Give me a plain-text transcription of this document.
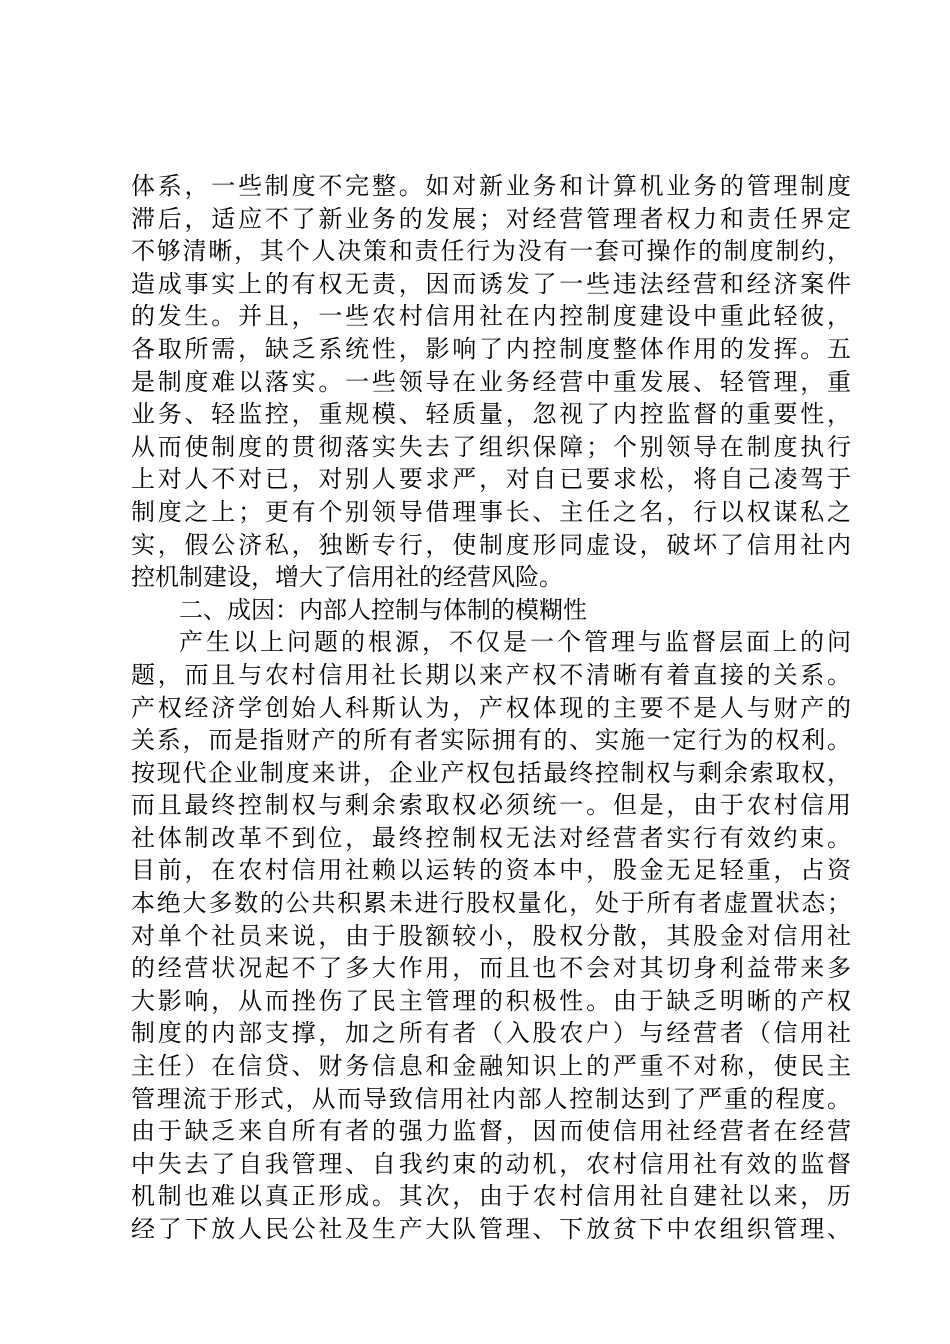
体系，一些制度不完整。如对新业务和计算机业务的管理制度
滞后，适应不了新业务的发展；对经营管理者权力和责任界定
不够清晰，其个人决策和责任行为没有一套可操作的制度制约，
造成事实上的有权无责，因而诱发了一些违法经营和经济案件
的发生。并且，一些农村信用社在内控制度建设中重此轻彼，
各取所需，缺乏系统性，影响了内控制度整体作用的发挥。五
是制度难以落实。一些领导在业务经营中重发展、轻管理，重
业务、轻监控，重规模、轻质量，忽视了内控监督的重要性，
从而使制度的贯彻落实失去了组织保障；个别领导在制度执行
上对人不对已，对别人要求严，对自已要求松，将自己凌驾于
制度之上；更有个别领导借理事长、主任之名，行以权谋私之
实，假公济私，独断专行，使制度形同虚设，破坏了信用社内
控机制建设，增大了信用社的经营风险。
二、成因：内部人控制与体制的模糊性
产生以上问题的根源，不仅是一个管理与监督层面上的问
题，而且与农村信用社长期以来产权不清晰有着直接的关系。
产权经济学创始人科斯认为，产权体现的主要不是人与财产的
关系，而是指财产的所有者实际拥有的、实施一定行为的权利。
按现代企业制度来讲，企业产权包括最终控制权与剩余索取权，
而且最终控制权与剩余索取权必须统一。但是，由于农村信用
社体制改革不到位，最终控制权无法对经营者实行有效约束。
目前，在农村信用社赖以运转的资本中，股金无足轻重，占资
本绝大多数的公共积累未进行股权量化，处于所有者虚置状态；
对单个社员来说，由于股额较小，股权分散，其股金对信用社
的经营状况起不了多大作用，而且也不会对其切身利益带来多
大影响，从而挫伤了民主管理的积极性。由于缺乏明晰的产权
制度的内部支撑，加之所有者（入股农户）与经营者（信用社
主任）在信贷、财务信息和金融知识上的严重不对称，使民主
管理流于形式，从而导致信用社内部人控制达到了严重的程度。
由于缺乏来自所有者的强力监督，因而使信用社经营者在经营
中失去了自我管理、自我约束的动机，农村信用社有效的监督
机制也难以真正形成。其次，由于农村信用社自建社以来，历
经了下放人民公社及生产大队管理、下放贫下中农组织管理、
